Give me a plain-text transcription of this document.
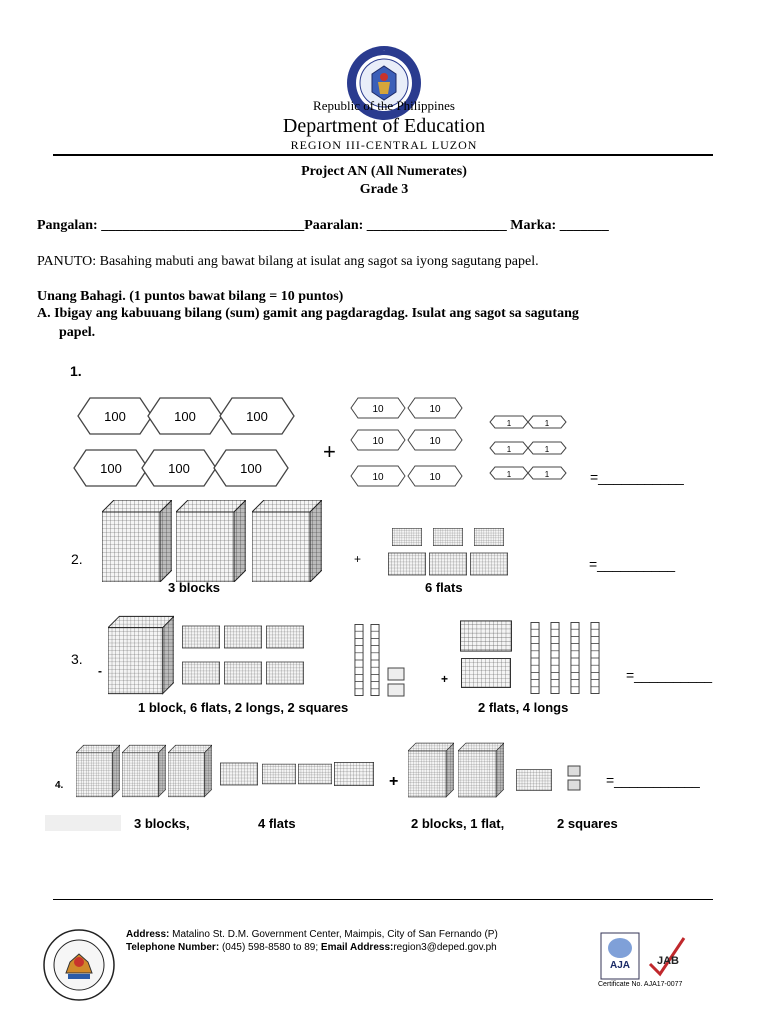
·
Republic of the Philippines
Department of Education
REGION III-CENTRAL LUZON
Project AN (All Numerates)
Grade 3
Pangalan: _____________________________Paaralan: ____________________ Marka: _______
PANUTO: Basahing mabuti ang bawat bilang at isulat ang sagot sa iyong sagutang papel.
Unang Bahagi. (1 puntos bawat bilang = 10 puntos)
A. Ibigay ang kabuuang bilang (sum) gamit ang pagdaragdag. Isulat ang sagot sa sagutang
papel.
1.
100	100	100
100	100	100
+
10	10
10	10
10	10
1	1
1	1
1	1	=___________
2.	+	=__________
3 blocks	6 flats
3.
-
+	=__________
1 block, 6 flats, 2 longs, 2 squares	2 flats, 4 longs
4.	+	=___________
3 blocks,	4 flats	2 blocks, 1 flat,	2 squares
Address: Matalino St. D.M. Government Center, Maimpis, City of San Fernando (P)
Telephone Number: (045) 598-8580 to 89; Email Address:region3@deped.gov.ph
AJA JAB
Certificate No. AJA17-0077
